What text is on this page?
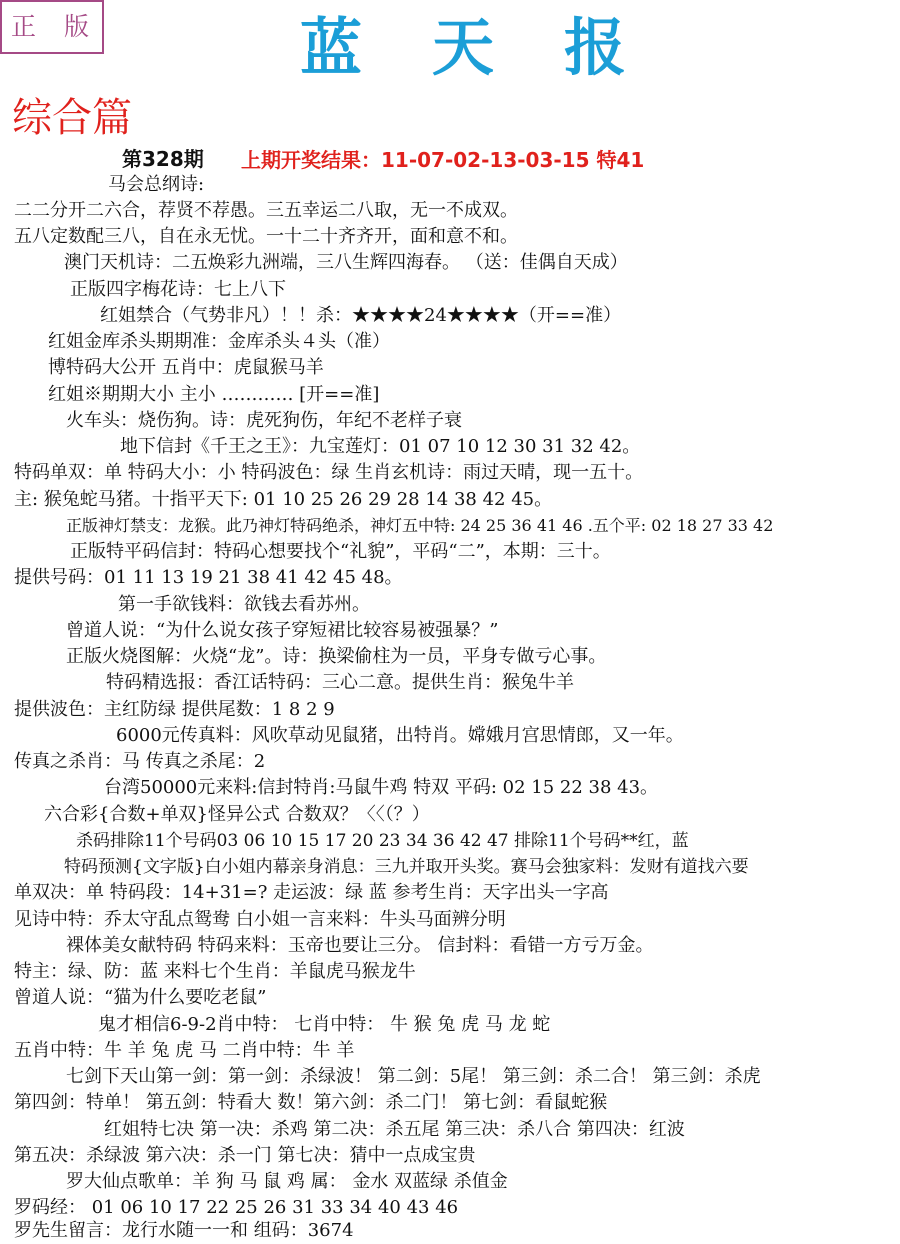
正 版	蓝天报
综合篇
第328期 上期开奖结果：11-07-02-13-03-15 特41
马会总纲诗:
二二分开二六合，荐贤不荐愚。三五幸运二八取，无一不成双。
五八定数配三八，自在永无忧。一十二十齐齐开，面和意不和。
澳门天机诗：二五焕彩九洲端，三八生辉四海春。 （送：佳偶自天成）
正版四字梅花诗：七上八下
红姐禁合（气势非凡）！！杀：★★★★24★★★★（开==准）
红姐金库杀头期期准：金库杀头４头（准）
博特码大公开 五肖中：虎鼠猴马羊
红姐※期期大小 主小 ………… [开==准]
火车头：烧伤狗。诗：虎死狗伤，年纪不老样子衰
地下信封《千王之王》：九宝莲灯：01 07 10 12 30 31 32 42。
特码单双：单 特码大小：小 特码波色：绿 生肖玄机诗：雨过天晴，现一五十。
主: 猴兔蛇马猪。十指平天下: 01 10 25 26 29 28 14 38 42 45。
正版神灯禁支：龙猴。此乃神灯特码绝杀，神灯五中特: 24 25 36 41 46 .五个平: 02 18 27 33 42
正版特平码信封：特码心想要找个“礼貌”，平码“二”，本期：三十。
提供号码：01 11 13 19 21 38 41 42 45 48。
第一手欲钱料：欲钱去看苏州。
曾道人说：“为什么说女孩子穿短裙比较容易被强暴？”
正版火烧图解：火烧“龙”。诗：换梁偷柱为一员，平身专做亏心事。
特码精选报：香江话特码：三心二意。提供生肖：猴兔牛羊
提供波色：主红防绿 提供尾数：1 8 2 9
6000元传真料：风吹草动见鼠猪，出特肖。嫦娥月宫思情郎，又一年。
传真之杀肖：马 传真之杀尾：2
台湾50000元来料:信封特肖:马鼠牛鸡 特双 平码: 02 15 22 38 43。
六合彩{合数+单双}怪异公式 合数双？〈〈（？）
杀码排除11个号码03 06 10 15 17 20 23 34 36 42 47 排除11个号码**红，蓝
特码预测{文字版}白小姐内幕亲身消息：三九并取开头奖。赛马会独家料：发财有道找六要
单双决：单 特码段：14+31=? 走运波：绿 蓝 参考生肖：天字出头一字高
见诗中特：乔太守乱点鸳鸯 白小姐一言来料：牛头马面辨分明
裸体美女献特码 特码来料：玉帝也要让三分。 信封料：看错一方亏万金。
特主：绿、防：蓝 来料七个生肖：羊鼠虎马猴龙牛
曾道人说：“猫为什么要吃老鼠”
鬼才相信6-9-2肖中特： 七肖中特： 牛 猴 兔 虎 马 龙 蛇
五肖中特：牛 羊 兔 虎 马 二肖中特：牛 羊
七剑下天山第一剑：第一剑：杀绿波！ 第二剑：5尾！ 第三剑：杀二合！ 第三剑：杀虎
第四剑：特单！ 第五剑：特看大 数！第六剑：杀二门！ 第七剑：看鼠蛇猴
红姐特七决 第一决：杀鸡 第二决：杀五尾 第三决：杀八合 第四决：红波
第五决：杀绿波 第六决：杀一门 第七决：猜中一点成宝贵
罗大仙点歌单：羊 狗 马 鼠 鸡 属： 金水 双蓝绿 杀值金
罗码经： 01 06 10 17 22 25 26 31 33 34 40 43 46
罗先生留言：龙行水随一一和 组码：3674
